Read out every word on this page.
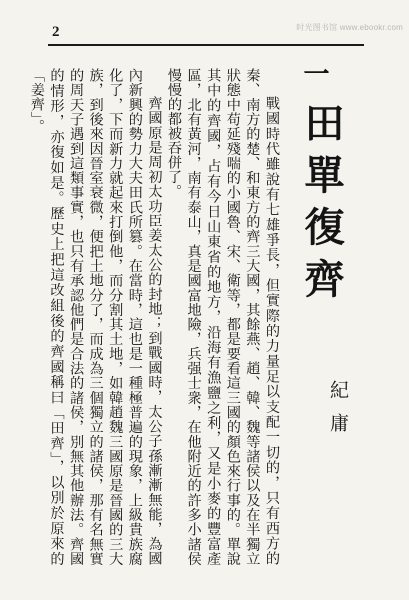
时光图书馆 www.ebookr.com
2
一
田單復齊
紀庸

戰國時代雖說有七雄爭長，但實際的力量足以支配一切的，只有西方的秦、南方的楚、和東方的齊三大國，其餘燕、趙、韓、魏等諸侯以及在半獨立狀態中苟延殘喘的小國魯、宋、衛等，都是要看這三國的顏色來行事的。單說其中的齊國，占有今日山東省的地方，沿海有漁鹽之利，又是小麥的豐富產區，北有黃河，南有泰山，真是國富地險，兵强士衆，在他附近的許多小諸侯慢慢的都被吞併了。

齊國原是周初太功臣姜太公的封地；到戰國時，太公子孫漸漸無能，為國內新興的勢力大夫田氏所篡。在當時，這也是一種極普遍的現象，上級貴族腐化了，下而新力就起來打倒他，而分割其土地，如韓趙魏三國原是晉國的三大族，到後來因晉室衰微，便把土地分了，而成為三個獨立的諸侯，那有名無實的周天子遇到這類事實，也只有承認他們是合法的諸侯，別無其他辦法。齊國的情形，亦復如是。歷史上把這改組後的齊國稱曰「田齊」，以別於原來的「姜齊」。
